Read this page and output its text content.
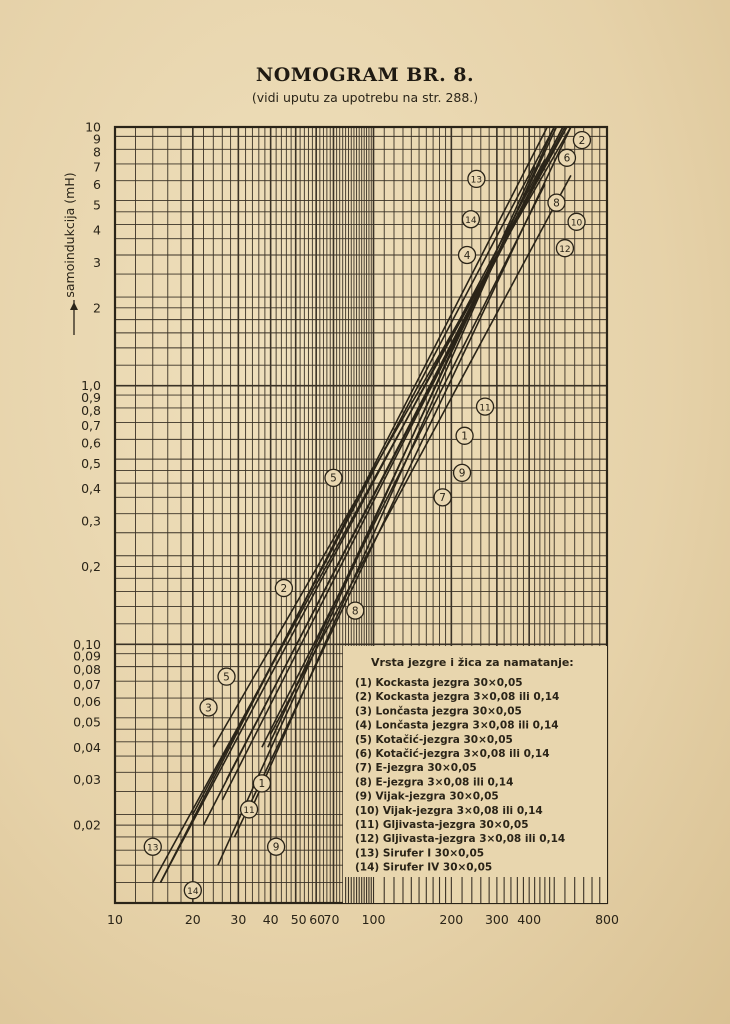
NOMOGRAM BR. 8.
(vidi uputu za upotrebu na str. 288.)
Vrsta jezgre i žica za namatanje:
(1) Kockasta jezgra 30×0,05
(2) Kockasta jezgra 3×0,08 ili 0,14
(3) Lončasta jezgra 30×0,05
(4) Lončasta jezgra 3×0,08 ili 0,14
(5) Kotačić-jezgra 30×0,05
(6) Kotačić-jezgra 3×0,08 ili 0,14
(7) E-jezgra 30×0,05
(8) E-jezgra 3×0,08 ili 0,14
(9) Vijak-jezgra 30×0,05
(10) Vijak-jezgra 3×0,08 ili 0,14
(11) Gljivasta-jezgra 30×0,05
(12) Gljivasta-jezgra 3×0,08 ili 0,14
(13) Sirufer I 30×0,05
(14) Sirufer IV 30×0,05
2
6
13
8
14	10
4	12
11
1
5	9
7
2
8
5
3
1
11
9
13
14
10
9
8
7
6
5
4
3
2
1,0
0,9
0,8
0,7
0,6
0,5
0,4
0,3
0,2
0,10
0,09
0,08
0,07
0,06
0,05
0,04
0,03
0,02
10	20 30 40 50 60
70 100	200 300 400	800
samoindukcija (mH)
